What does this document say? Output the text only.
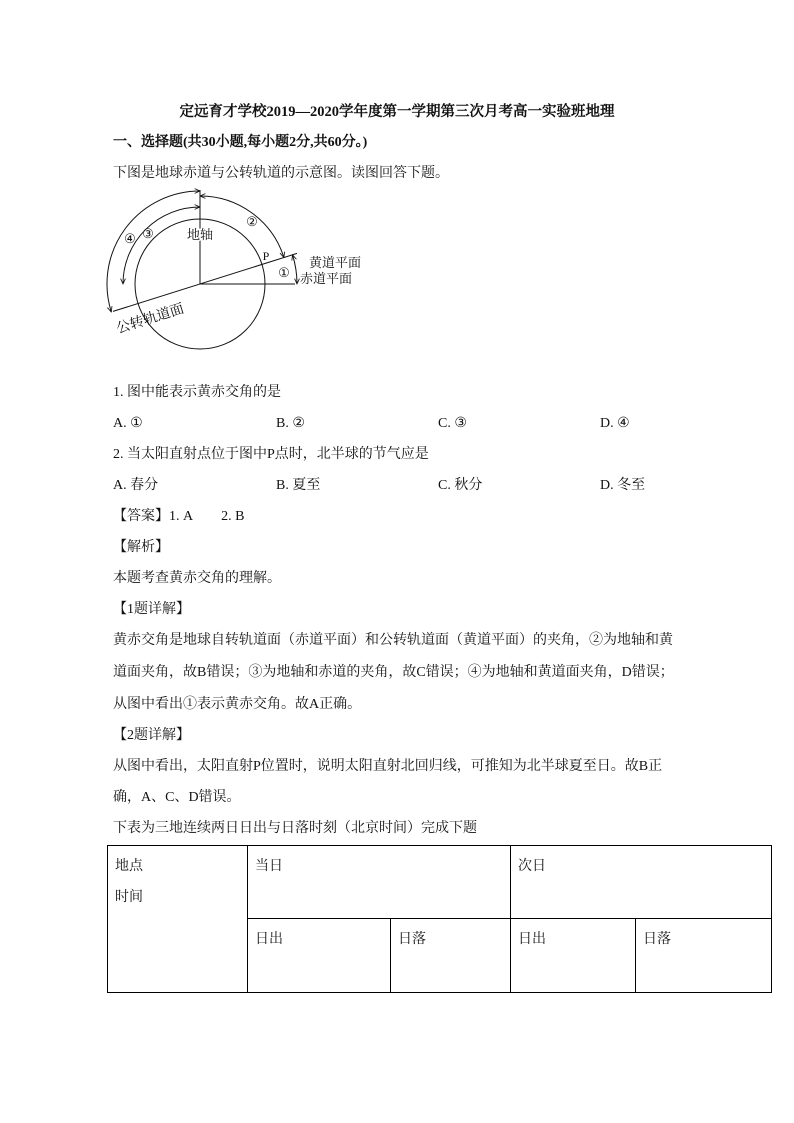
定远育才学校2019—2020学年度第一学期第三次月考高一实验班地理
一、选择题(共30小题,每小题2分,共60分。)
下图是地球赤道与公转轨道的示意图。读图回答下题。
地轴
P	黄道平面
赤道平面
公转轨道面
①
②
③
④
1. 图中能表示黄赤交角的是
A. ①	B. ②	C. ③	D. ④
2. 当太阳直射点位于图中P点时，北半球的节气应是
A. 春分	B. 夏至	C. 秋分	D. 冬至
【答案】1. A 2. B
【解析】
本题考查黄赤交角的理解。
【1题详解】
黄赤交角是地球自转轨道面（赤道平面）和公转轨道面（黄道平面）的夹角，②为地轴和黄
道面夹角，故B错误；③为地轴和赤道的夹角，故C错误；④为地轴和黄道面夹角，D错误；
从图中看出①表示黄赤交角。故A正确。
【2题详解】
从图中看出，太阳直射P位置时，说明太阳直射北回归线，可推知为北半球夏至日。故B正
确，A、C、D错误。
下表为三地连续两日日出与日落时刻（北京时间）完成下题
地点
时间	当日		次日	
	日出	日落	日出	日落
